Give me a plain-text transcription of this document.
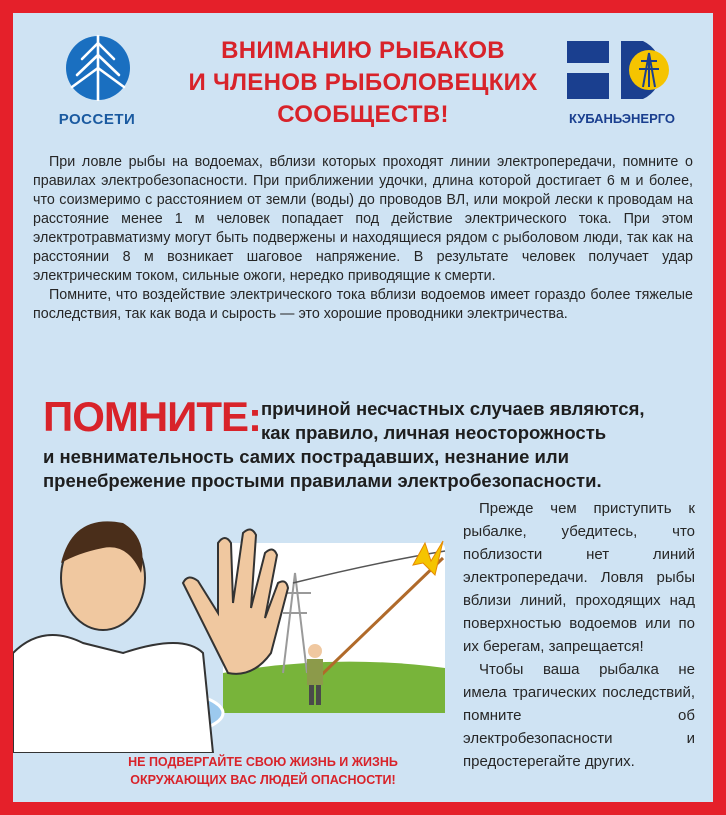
РОССЕТИ
ВНИМАНИЮ РЫБАКОВ
И ЧЛЕНОВ РЫБОЛОВЕЦКИХ
СООБЩЕСТВ!	КУБАНЬЭНЕРГО

При ловле рыбы на водоемах, вблизи которых проходят линии электропередачи, помните о правилах электробезопасности. При приближении удочки, длина которой достигает 6 м и более, что соизмеримо с расстоянием от земли (воды) до проводов ВЛ, или мокрой лески к проводам на расстояние менее 1 м человек попадает под действие электрического тока. При этом электротравматизму могут быть подвержены и находящиеся рядом с рыболовом люди, так как на расстоянии 8 м возникает шаговое напряжение. В результате человек получает удар электрическим током, сильные ожоги, нередко приводящие к смерти.

Помните, что воздействие электрического тока вблизи водоемов имеет гораздо более тяжелые последствия, так как вода и сырость — это хорошие проводники электричества.

ПОМНИТЕ: причиной несчастных случаев являются,
как правило, личная неосторожность
и невнимательность самих пострадавших, незнание или
пренебрежение простыми правилами электробезопасности.

Прежде чем приступить к рыбалке, убедитесь, что поблизости нет линий электропередачи. Ловля рыбы вблизи линий, проходящих над поверхностью водоемов или по их берегам, запрещается!

Чтобы ваша рыбалка не имела трагических последствий, помните об электробезопасности и предостерегайте других.

НЕ ПОДВЕРГАЙТЕ СВОЮ ЖИЗНЬ И ЖИЗНЬ
ОКРУЖАЮЩИХ ВАС ЛЮДЕЙ ОПАСНОСТИ!
